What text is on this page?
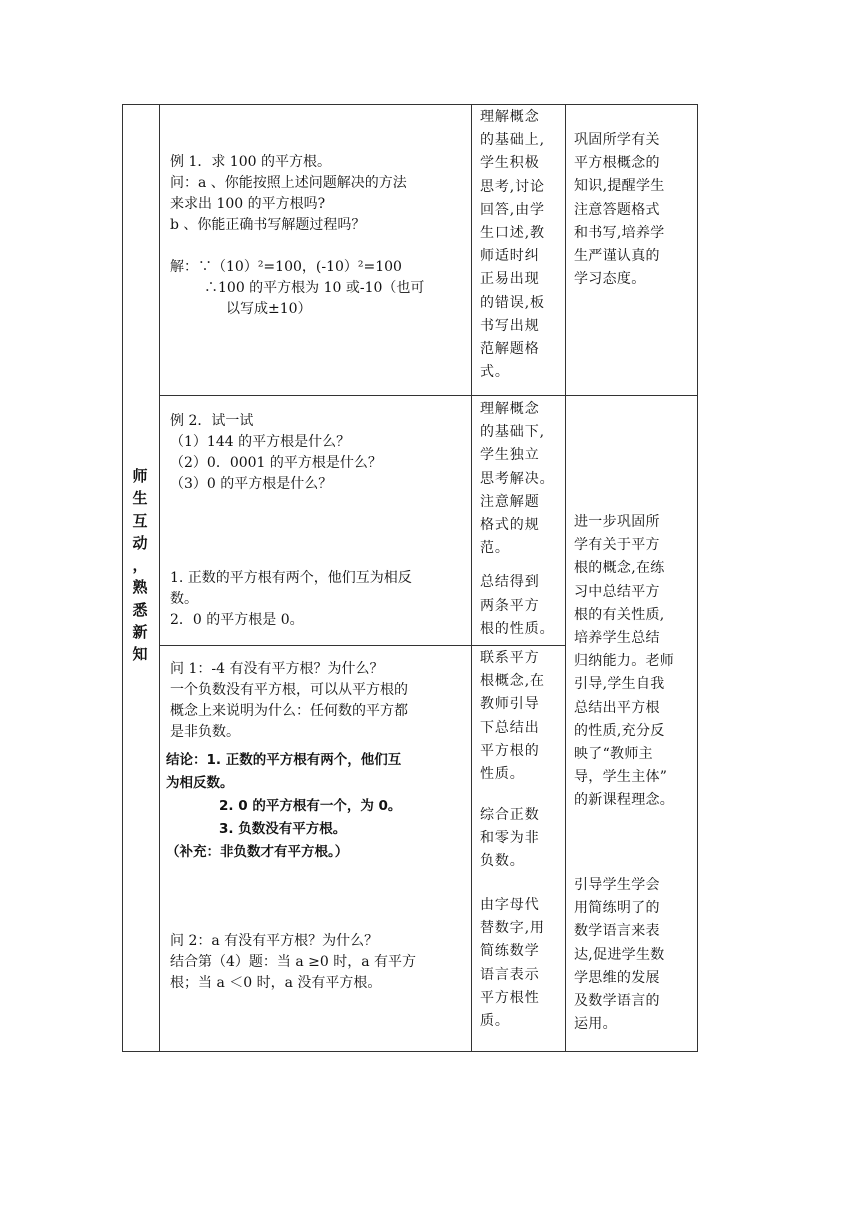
师
生
互
动
，
熟
悉
新
知

例 1．求 100 的平方根。

问：a 、你能按照上述问题解决的方法

来求出 100 的平方根吗?

b 、你能正确书写解题过程吗？

解：∵（10）²=100，(-10）²=100

∴100 的平方根为 10 或-10（也可

以写成±10）

理解概念

的基础上,

学生积极

思考,讨论

回答,由学

生口述,教

师适时纠

正易出现

的错误,板

书写出规

范解题格

式。

巩固所学有关

平方根概念的

知识,提醒学生

注意答题格式

和书写,培养学

生严谨认真的

学习态度。

例 2．试一试

（1）144 的平方根是什么？

（2）0．0001 的平方根是什么？

（3）0 的平方根是什么？

1. 正数的平方根有两个，他们互为相反

数。

2．0 的平方根是 0。

理解概念

的基础下,

学生独立

思考解决。

注意解题

格式的规

范。

总结得到

两条平方

根的性质。

进一步巩固所

学有关于平方

根的概念,在练

习中总结平方

根的有关性质,

培养学生总结

归纳能力。老师

引导,学生自我

总结出平方根

的性质,充分反

映了“教师主

导，学生主体”

的新课程理念。

引导学生学会

用简练明了的

数学语言来表

达,促进学生数

学思维的发展

及数学语言的

运用。

问 1：-4 有没有平方根？为什么？

一个负数没有平方根，可以从平方根的

概念上来说明为什么：任何数的平方都

是非负数。

结论：1. 正数的平方根有两个，他们互

为相反数。

2. 0 的平方根有一个，为 0。

3. 负数没有平方根。

（补充：非负数才有平方根。）

问 2：a 有没有平方根？为什么？

结合第（4）题：当 a ≥0 时，a 有平方

根；当 a ＜0 时，a 没有平方根。

联系平方

根概念,在

教师引导

下总结出

平方根的

性质。

综合正数

和零为非

负数。

由字母代

替数字,用

简练数学

语言表示

平方根性

质。
